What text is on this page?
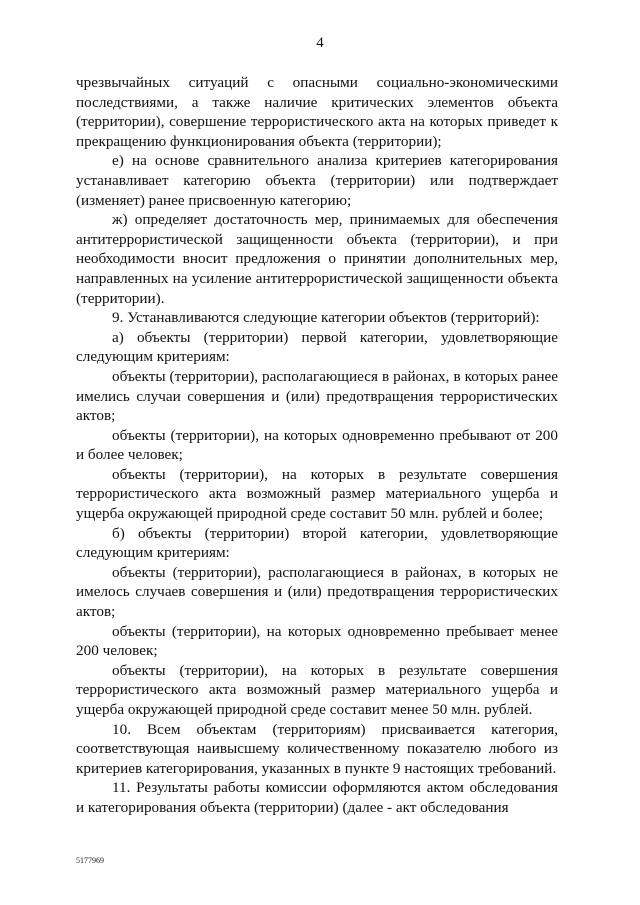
4

чрезвычайных ситуаций с опасными социально-экономическими последствиями, а также наличие критических элементов объекта (территории), совершение террористического акта на которых приведет к прекращению функционирования объекта (территории);

е) на основе сравнительного анализа критериев категорирования устанавливает категорию объекта (территории) или подтверждает (изменяет) ранее присвоенную категорию;

ж) определяет достаточность мер, принимаемых для обеспечения антитеррористической защищенности объекта (территории), и при необходимости вносит предложения о принятии дополнительных мер, направленных на усиление антитеррористической защищенности объекта (территории).

9. Устанавливаются следующие категории объектов (территорий):

а) объекты (территории) первой категории, удовлетворяющие следующим критериям:

объекты (территории), располагающиеся в районах, в которых ранее имелись случаи совершения и (или) предотвращения террористических актов;

объекты (территории), на которых одновременно пребывают от 200 и более человек;

объекты (территории), на которых в результате совершения террористического акта возможный размер материального ущерба и ущерба окружающей природной среде составит 50 млн. рублей и более;

б) объекты (территории) второй категории, удовлетворяющие следующим критериям:

объекты (территории), располагающиеся в районах, в которых не имелось случаев совершения и (или) предотвращения террористических актов;

объекты (территории), на которых одновременно пребывает менее 200 человек;

объекты (территории), на которых в результате совершения террористического акта возможный размер материального ущерба и ущерба окружающей природной среде составит менее 50 млн. рублей.

10. Всем объектам (территориям) присваивается категория, соответствующая наивысшему количественному показателю любого из критериев категорирования, указанных в пункте 9 настоящих требований.

11. Результаты работы комиссии оформляются актом обследования и категорирования объекта (территории) (далее - акт обследования

5177969
